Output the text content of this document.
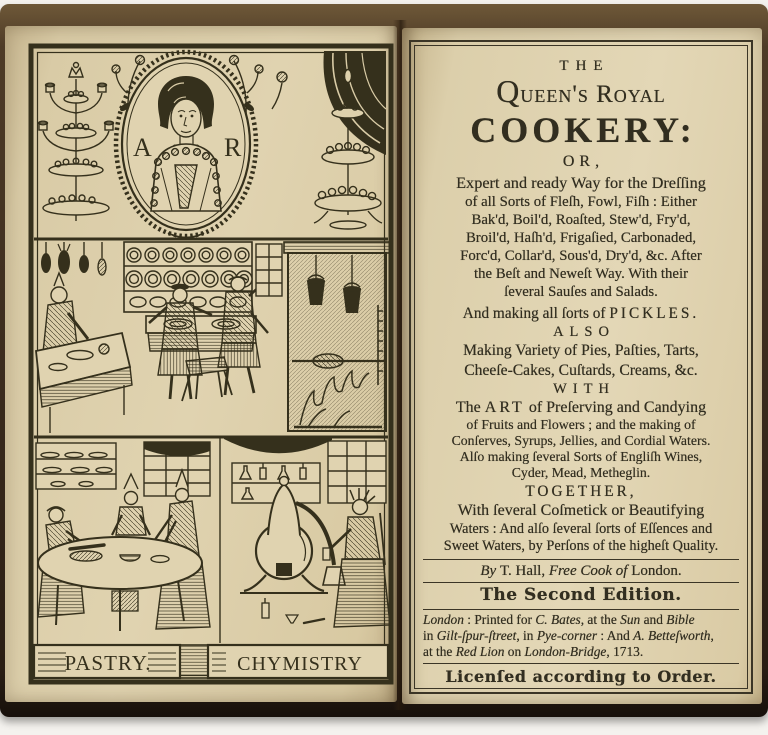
A	R
PASTRY.	CHYMISTRY
THE
Queen's Royal
COOKERY:
OR,
Expert and ready Way for the Dreſſing
of all Sorts of Fleſh, Fowl, Fiſh : Either
Bak'd, Boil'd, Roaſted, Stew'd, Fry'd,
Broil'd, Haſh'd, Frigaſied, Carbonaded,
Forc'd, Collar'd, Sous'd, Dry'd, &c. After
the Beſt and Neweſt Way. With their
ſeveral Sauſes and Salads.
And making all ſorts of PICKLES.
ALSO
Making Variety of Pies, Paſties, Tarts,
Cheeſe-Cakes, Cuſtards, Creams, &c.
WITH
The ART of Preſerving and Candying
of Fruits and Flowers ; and the making of
Conſerves, Syrups, Jellies, and Cordial Waters.
Alſo making ſeveral Sorts of Engliſh Wines,
Cyder, Mead, Metheglin.
TOGETHER,
With ſeveral Coſmetick or Beautifying
Waters : And alſo ſeveral ſorts of Eſſences and
Sweet Waters, by Perſons of the higheſt Quality.
By T. Hall, Free Cook of London.
The Second Edition.
London : Printed for C. Bates, at the Sun and Bible
in Gilt-ſpur-ſtreet, in Pye-corner : And A. Betteſworth,
at the Red Lion on London-Bridge, 1713.
Licenſed according to Order.
